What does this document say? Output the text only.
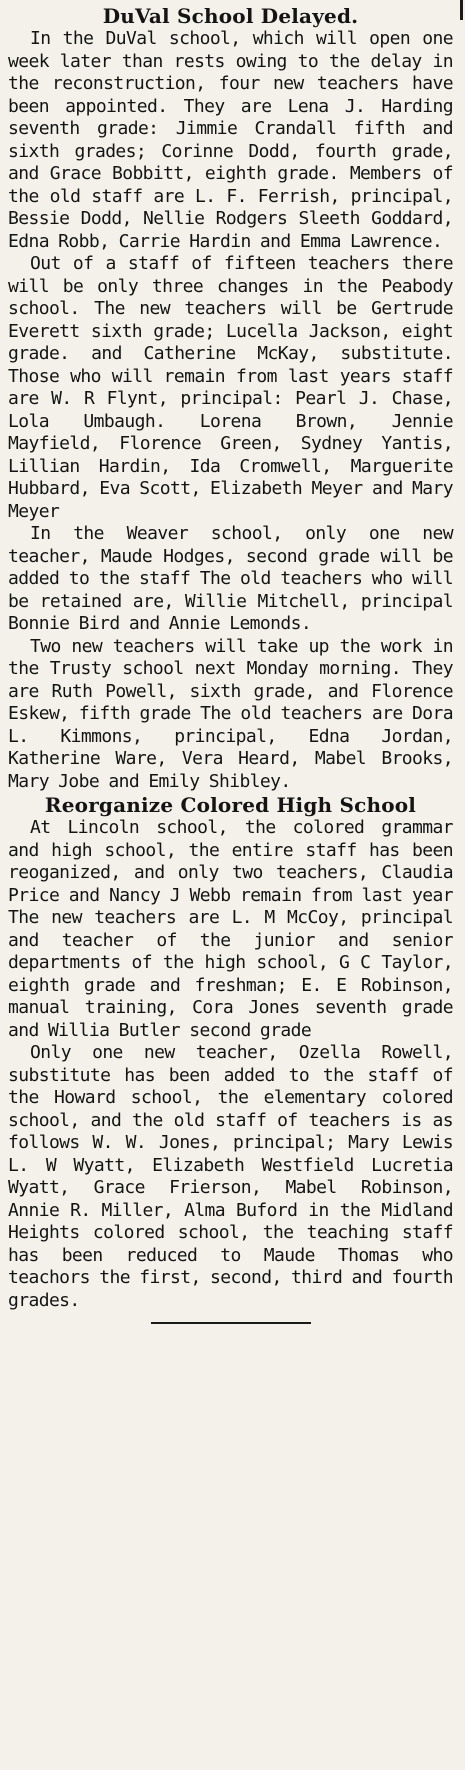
DuVal School Delayed.

In the DuVal school, which will open one week later than rests owing to the delay in the reconstruction, four new teachers have been appointed. They are Lena J. Harding seventh grade: Jimmie Crandall fifth and sixth grades; Corinne Dodd, fourth grade, and Grace Bobbitt, eighth grade. Members of the old staff are L. F. Ferrish, principal, Bessie Dodd, Nellie Rodgers Sleeth Goddard, Edna Robb, Carrie Hardin and Emma Lawrence.

Out of a staff of fifteen teachers there will be only three changes in the Peabody school. The new teachers will be Gertrude Everett sixth grade; Lucella Jackson, eight grade. and Catherine McKay, substitute. Those who will remain from last years staff are W. R Flynt, principal: Pearl J. Chase, Lola Umbaugh. Lorena Brown, Jennie Mayfield, Florence Green, Sydney Yantis, Lillian Hardin, Ida Cromwell, Marguerite Hubbard, Eva Scott, Elizabeth Meyer and Mary Meyer

In the Weaver school, only one new teacher, Maude Hodges, second grade will be added to the staff The old teachers who will be retained are, Willie Mitchell, principal Bonnie Bird and Annie Lemonds.

Two new teachers will take up the work in the Trusty school next Monday morning. They are Ruth Powell, sixth grade, and Florence Eskew, fifth grade The old teachers are Dora L. Kimmons, principal, Edna Jordan, Katherine Ware, Vera Heard, Mabel Brooks, Mary Jobe and Emily Shibley.

Reorganize Colored High School

At Lincoln school, the colored grammar and high school, the entire staff has been reoganized, and only two teachers, Claudia Price and Nancy J Webb remain from last year The new teachers are L. M McCoy, principal and teacher of the junior and senior departments of the high school, G C Taylor, eighth grade and freshman; E. E Robinson, manual training, Cora Jones seventh grade and Willia Butler second grade

Only one new teacher, Ozella Rowell, substitute has been added to the staff of the Howard school, the elementary colored school, and the old staff of teachers is as follows W. W. Jones, principal; Mary Lewis L. W Wyatt, Elizabeth Westfield Lucretia Wyatt, Grace Frierson, Mabel Robinson, Annie R. Miller, Alma Buford in the Midland Heights colored school, the teaching staff has been reduced to Maude Thomas who teachors the first, second, third and fourth grades.
